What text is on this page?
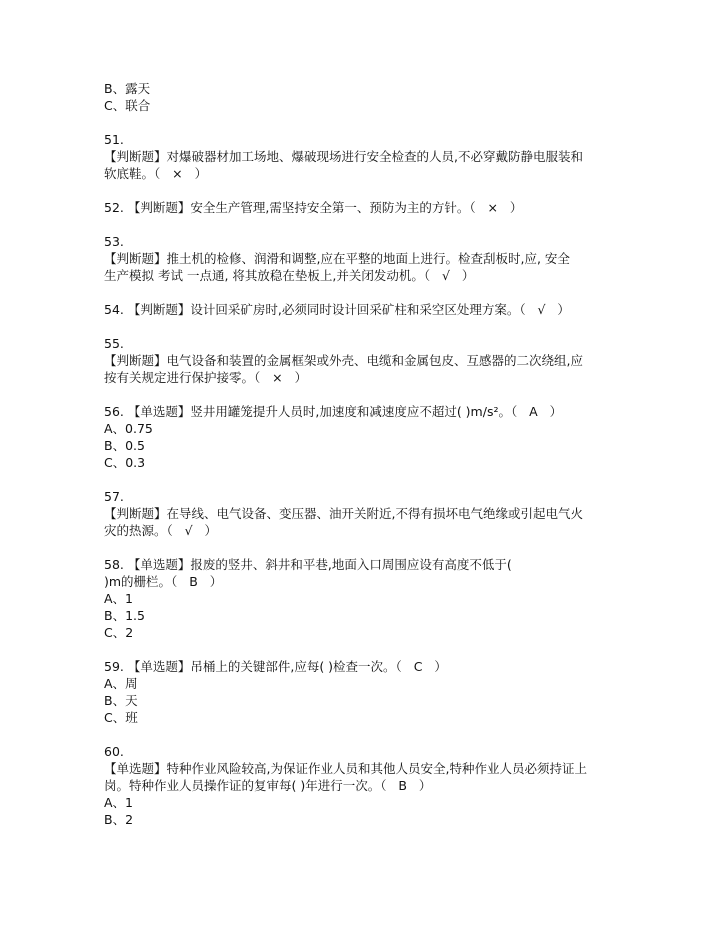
B、露天
C、联合
51.
【判断题】对爆破器材加工场地、爆破现场进行安全检查的人员,不必穿戴防静电服装和
软底鞋。（   ×   ）
52. 【判断题】安全生产管理,需坚持安全第一、预防为主的方针。（   ×   ）
53.
【判断题】推土机的检修、润滑和调整,应在平整的地面上进行。检查刮板时,应, 安全
生产模拟 考试 一点通, 将其放稳在垫板上,并关闭发动机。（   √   ）
54. 【判断题】设计回采矿房时,必须同时设计回采矿柱和采空区处理方案。（   √   ）
55.
【判断题】电气设备和装置的金属框架或外壳、电缆和金属包皮、互感器的二次绕组,应
按有关规定进行保护接零。（   ×   ）
56. 【单选题】竖井用罐笼提升人员时,加速度和减速度应不超过( )m/s²。（   A   ）
A、0.75
B、0.5
C、0.3
57.
【判断题】在导线、电气设备、变压器、油开关附近,不得有损坏电气绝缘或引起电气火
灾的热源。（   √   ）
58. 【单选题】报废的竖井、斜井和平巷,地面入口周围应设有高度不低于(
)m的栅栏。（   B   ）
A、1
B、1.5
C、2
59. 【单选题】吊桶上的关键部件,应每( )检查一次。（   C   ）
A、周
B、天
C、班
60.
【单选题】特种作业风险较高,为保证作业人员和其他人员安全,特种作业人员必须持证上
岗。特种作业人员操作证的复审每( )年进行一次。（   B   ）
A、1
B、2
